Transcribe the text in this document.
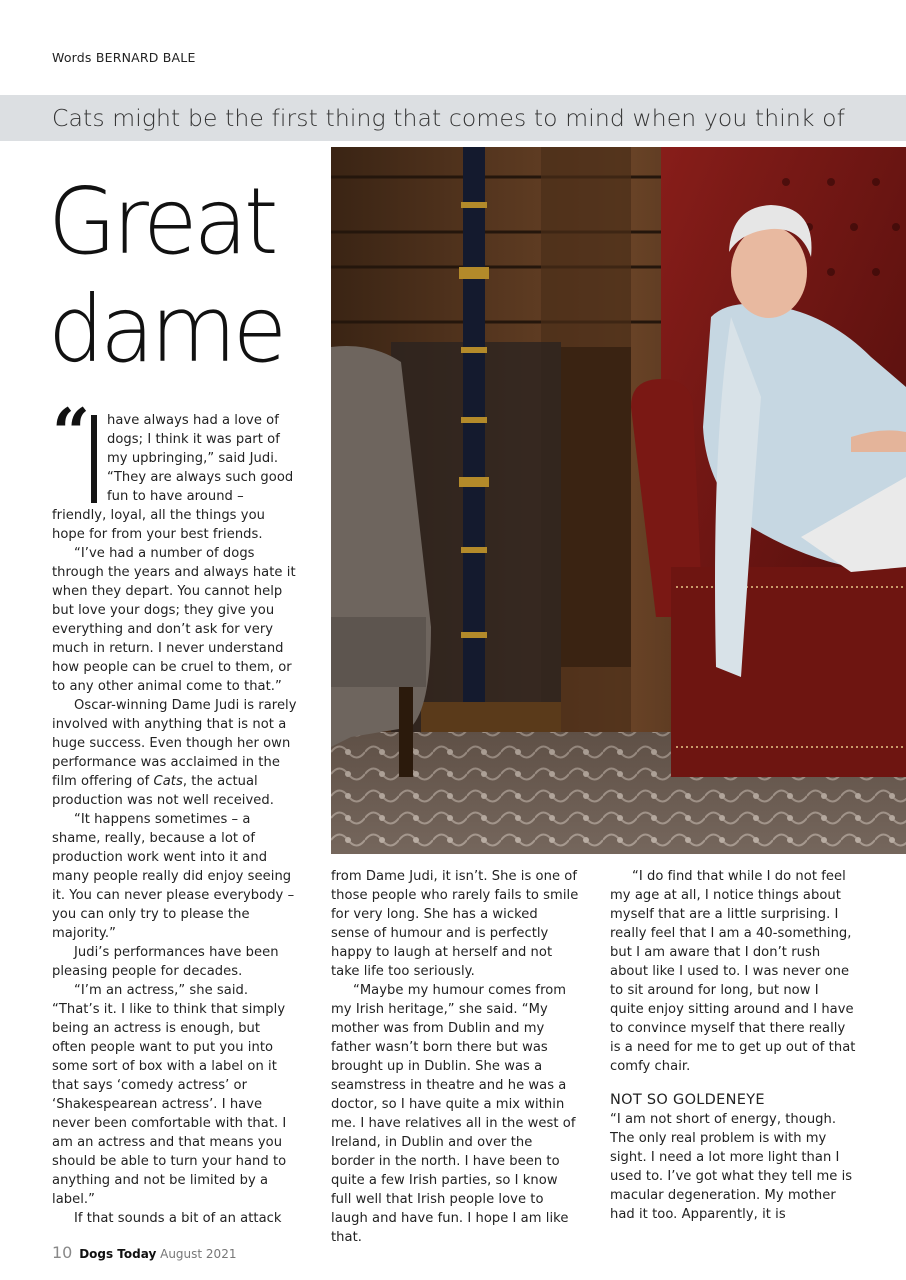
Words BERNARD BALE
Cats might be the first thing that comes to mind when you think of
Great
dame
“	have always had a love of dogs; I think it was part of my upbringing,” said Judi. “They are always such good fun to have around – friendly, loyal, all the things you hope for from your best friends.

“I’ve had a number of dogs through the years and always hate it when they depart. You cannot help but love your dogs; they give you everything and don’t ask for very much in return. I never understand how people can be cruel to them, or to any other animal come to that.”

Oscar-winning Dame Judi is rarely involved with anything that is not a huge success. Even though her own performance was acclaimed in the film offering of Cats, the actual production was not well received.

“It happens sometimes – a shame, really, because a lot of production work went into it and many people really did enjoy seeing it. You can never please everybody – you can only try to please the majority.”

Judi’s performances have been pleasing people for decades.

“I’m an actress,” she said. “That’s it. I like to think that simply being an actress is enough, but often people want to put you into some sort of box with a label on it that says ‘comedy actress’ or ‘Shakespearean actress’. I have never been comfortable with that. I am an actress and that means you should be able to turn your hand to anything and not be limited by a label.”

If that sounds a bit of an attack

from Dame Judi, it isn’t. She is one of those people who rarely fails to smile for very long. She has a wicked sense of humour and is perfectly happy to laugh at herself and not take life too seriously.

“Maybe my humour comes from my Irish heritage,” she said. “My mother was from Dublin and my father wasn’t born there but was brought up in Dublin. She was a seamstress in theatre and he was a doctor, so I have quite a mix within me. I have relatives all in the west of Ireland, in Dublin and over the border in the north. I have been to quite a few Irish parties, so I know full well that Irish people love to laugh and have fun. I hope I am like that.

“I do find that while I do not feel my age at all, I notice things about myself that are a little surprising. I really feel that I am a 40-something, but I am aware that I don’t rush about like I used to. I was never one to sit around for long, but now I quite enjoy sitting around and I have to convince myself that there really is a need for me to get up out of that comfy chair.

NOT SO GOLDENEYE

“I am not short of energy, though. The only real problem is with my sight. I need a lot more light than I used to. I’ve got what they tell me is macular degeneration. My mother had it too. Apparently, it is

10 Dogs Today August 2021
